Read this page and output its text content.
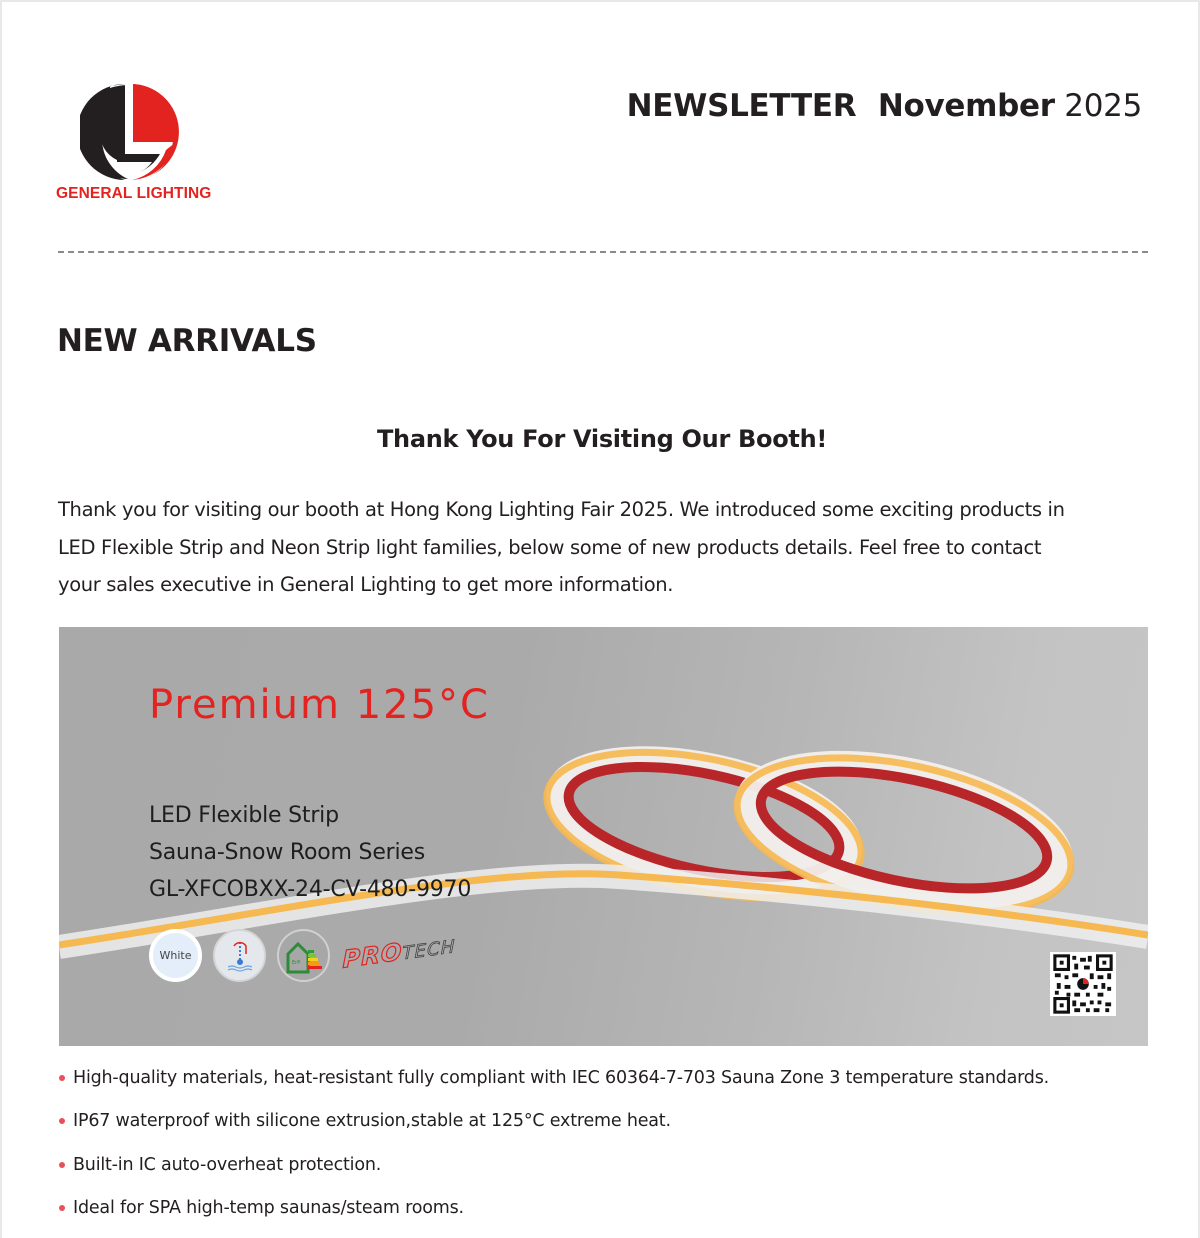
GENERAL LIGHTING
NEWSLETTER November 2025
NEW ARRIVALS
Thank You For Visiting Our Booth!
Thank you for visiting our booth at Hong Kong Lighting Fair 2025. We introduced some exciting products in
LED Flexible Strip and Neon Strip light families, below some of new products details. Feel free to contact
your sales executive in General Lighting to get more information.
Premium 125°C
LED Flexible Strip
Sauna-Snow Room Series
GL-XFCOBXX-24-CV-480-9970
White
ErP PROTECH
High-quality materials, heat-resistant fully compliant with IEC 60364-7-703 Sauna Zone 3 temperature standards.
IP67 waterproof with silicone extrusion,stable at 125°C extreme heat.
Built-in IC auto-overheat protection.
Ideal for SPA high-temp saunas/steam rooms.
